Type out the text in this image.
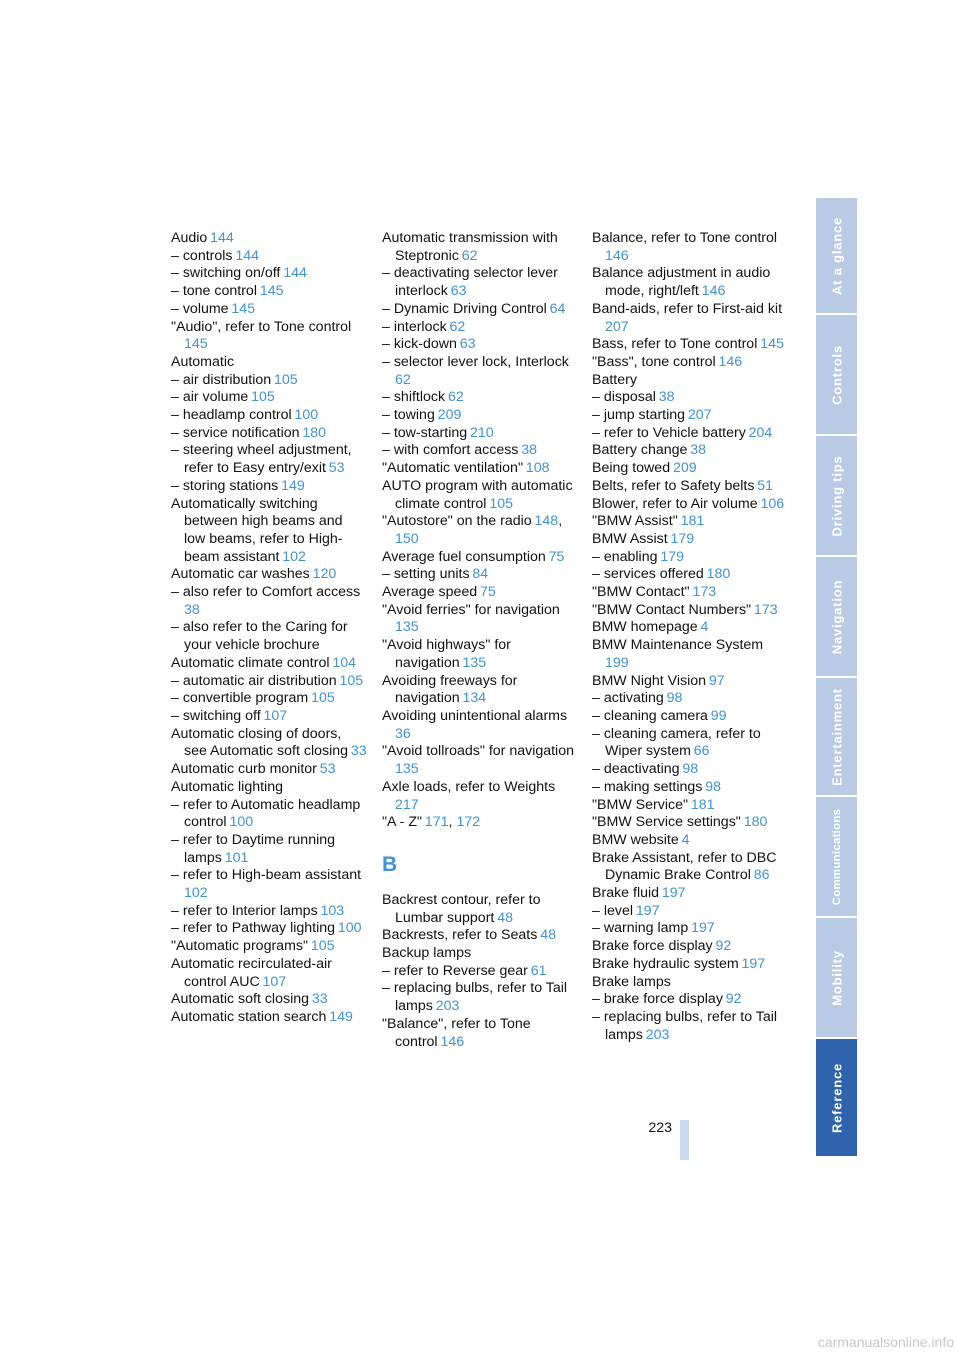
Audio  144
– controls  144
– switching on/off  144
– tone control  145
– volume  145
"Audio", refer to Tone control 145
Automatic
– air distribution  105
– air volume  105
– headlamp control  100
– service notification  180
– steering wheel adjustment, refer to Easy entry/exit  53
– storing stations  149
Automatically switching between high beams and low beams, refer to High-beam assistant  102
Automatic car washes  120
– also refer to Comfort access 38
– also refer to the Caring for your vehicle brochure
Automatic climate control  104
– automatic air distribution  105
– convertible program  105
– switching off  107
Automatic closing of doors, see Automatic soft closing  33
Automatic curb monitor  53
Automatic lighting
– refer to Automatic headlamp control  100
– refer to Daytime running lamps  101
– refer to High-beam assistant 102
– refer to Interior lamps  103
– refer to Pathway lighting  100
"Automatic programs"  105
Automatic recirculated-air control AUC  107
Automatic soft closing  33
Automatic station search  149
Automatic transmission with Steptronic  62
– deactivating selector lever interlock  63
– Dynamic Driving Control  64
– interlock  62
– kick-down  63
– selector lever lock, Interlock 62
– shiftlock  62
– towing  209
– tow-starting  210
– with comfort access  38
"Automatic ventilation"  108
AUTO program with automatic climate control  105
"Autostore" on the radio  148, 150
Average fuel consumption  75
– setting units  84
Average speed  75
"Avoid ferries" for navigation 135
"Avoid highways" for navigation  135
Avoiding freeways for navigation  134
Avoiding unintentional alarms 36
"Avoid tollroads" for navigation 135
Axle loads, refer to Weights 217
"A - Z"  171, 172
B
Backrest contour, refer to Lumbar support  48
Backrests, refer to Seats  48
Backup lamps
– refer to Reverse gear  61
– replacing bulbs, refer to Tail lamps  203
"Balance", refer to Tone control  146
Balance, refer to Tone control 146
Balance adjustment in audio mode, right/left  146
Band-aids, refer to First-aid kit 207
Bass, refer to Tone control  145
"Bass", tone control  146
Battery
– disposal  38
– jump starting  207
– refer to Vehicle battery  204
Battery change  38
Being towed  209
Belts, refer to Safety belts  51
Blower, refer to Air volume  106
"BMW Assist"  181
BMW Assist  179
– enabling  179
– services offered  180
"BMW Contact"  173
"BMW Contact Numbers"  173
BMW homepage  4
BMW Maintenance System 199
BMW Night Vision  97
– activating  98
– cleaning camera  99
– cleaning camera, refer to Wiper system  66
– deactivating  98
– making settings  98
"BMW Service"  181
"BMW Service settings"  180
BMW website  4
Brake Assistant, refer to DBC Dynamic Brake Control  86
Brake fluid  197
– level  197
– warning lamp  197
Brake force display  92
Brake hydraulic system  197
Brake lamps
– brake force display  92
– replacing bulbs, refer to Tail lamps  203
At a glance
Controls
Driving tips
Navigation
Entertainment
Communications
Mobility
Reference
223
carmanualsonline.info
